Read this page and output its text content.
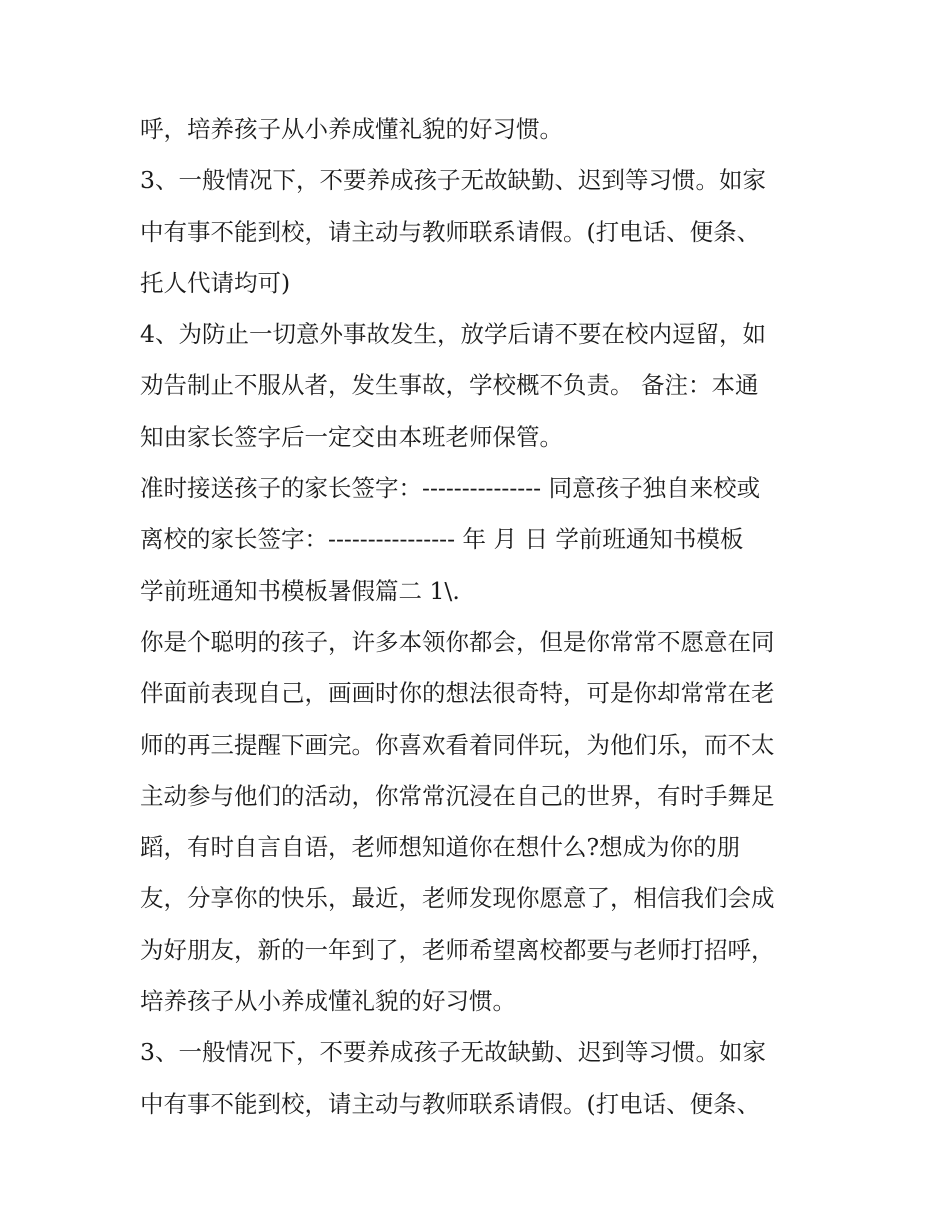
呼，培养孩子从小养成懂礼貌的好习惯。
3、一般情况下，不要养成孩子无故缺勤、迟到等习惯。如家
中有事不能到校，请主动与教师联系请假。(打电话、便条、
托人代请均可)
4、为防止一切意外事故发生，放学后请不要在校内逗留，如
劝告制止不服从者，发生事故，学校概不负责。 备注：本通
知由家长签字后一定交由本班老师保管。
准时接送孩子的家长签字：--------------- 同意孩子独自来校或
离校的家长签字：---------------- 年 月 日 学前班通知书模板
学前班通知书模板暑假篇二 1\.
你是个聪明的孩子，许多本领你都会，但是你常常不愿意在同
伴面前表现自己，画画时你的想法很奇特，可是你却常常在老
师的再三提醒下画完。你喜欢看着同伴玩，为他们乐，而不太
主动参与他们的活动，你常常沉浸在自己的世界，有时手舞足
蹈，有时自言自语，老师想知道你在想什么?想成为你的朋
友，分享你的快乐，最近，老师发现你愿意了，相信我们会成
为好朋友，新的一年到了，老师希望离校都要与老师打招呼，
培养孩子从小养成懂礼貌的好习惯。
3、一般情况下，不要养成孩子无故缺勤、迟到等习惯。如家
中有事不能到校，请主动与教师联系请假。(打电话、便条、
